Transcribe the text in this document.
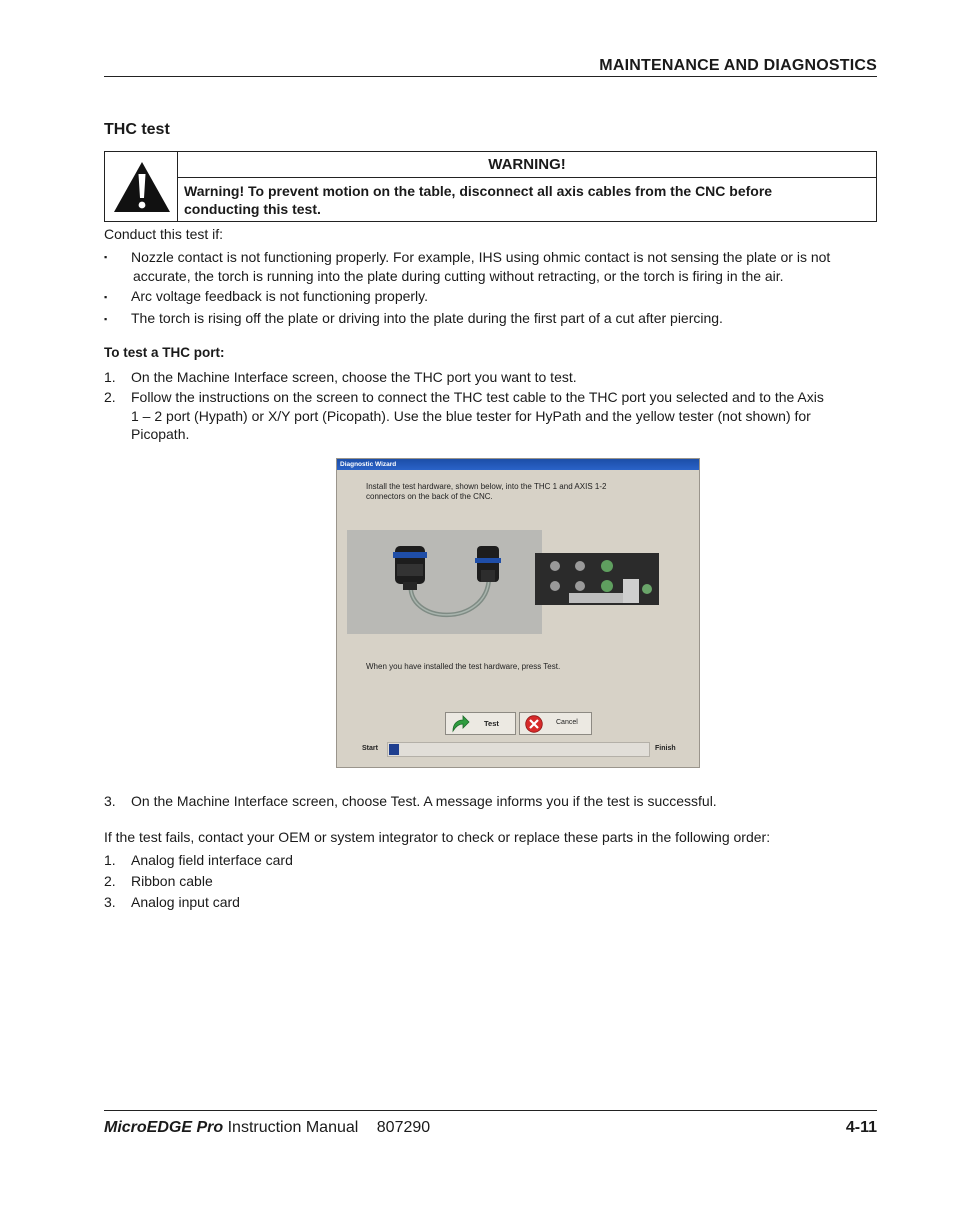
MAINTENANCE AND DIAGNOSTICS
THC test
WARNING!
Warning! To prevent motion on the table, disconnect all axis cables from the CNC before
conducting this test.
Conduct this test if:
▪ Nozzle contact is not functioning properly. For example, IHS using ohmic contact is not sensing the plate or is not
accurate, the torch is running into the plate during cutting without retracting, or the torch is firing in the air.
▪ Arc voltage feedback is not functioning properly.
▪ The torch is rising off the plate or driving into the plate during the first part of a cut after piercing.
To test a THC port:
1. On the Machine Interface screen, choose the THC port you want to test.
2. Follow the instructions on the screen to connect the THC test cable to the THC port you selected and to the Axis
1 – 2 port (Hypath) or X/Y port (Picopath). Use the blue tester for HyPath and the yellow tester (not shown) for
Picopath.
Diagnostic Wizard
Install the test hardware, shown below, into the THC 1 and AXIS 1-2
connectors on the back of the CNC.
When you have installed the test hardware, press Test.
Test	Cancel
Start	Finish
3. On the Machine Interface screen, choose Test. A message informs you if the test is successful.
If the test fails, contact your OEM or system integrator to check or replace these parts in the following order:
1. Analog field interface card
2. Ribbon cable
3. Analog input card
MicroEDGE Pro Instruction Manual 807290	4-11
